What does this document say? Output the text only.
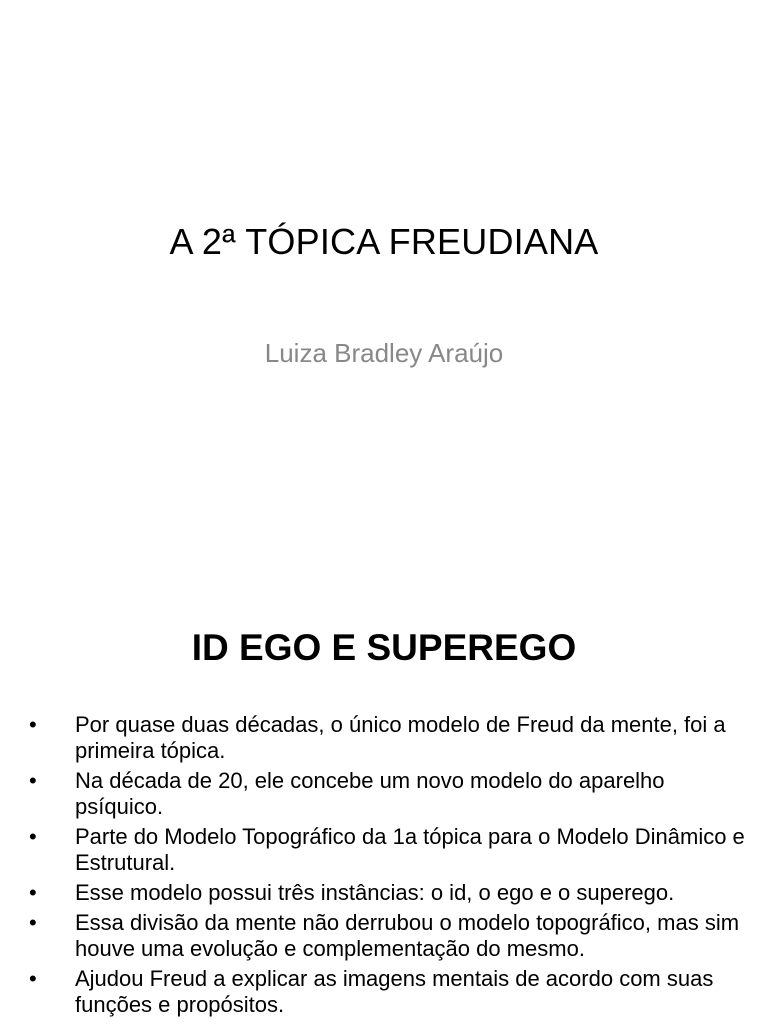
A 2ª TÓPICA FREUDIANA

Luiza Bradley Araújo

ID EGO E SUPEREGO
•	Por quase duas décadas, o único modelo de Freud da mente, foi a primeira tópica.
•	Na década de 20, ele concebe um novo modelo do aparelho psíquico.
•	Parte do Modelo Topográfico da 1a tópica para o Modelo Dinâmico e Estrutural.
•	Esse modelo possui três instâncias: o id, o ego e o superego.
•	Essa divisão da mente não derrubou o modelo topográfico, mas sim houve uma evolução e complementação do mesmo.
•	Ajudou Freud a explicar as imagens mentais de acordo com suas funções e propósitos.
